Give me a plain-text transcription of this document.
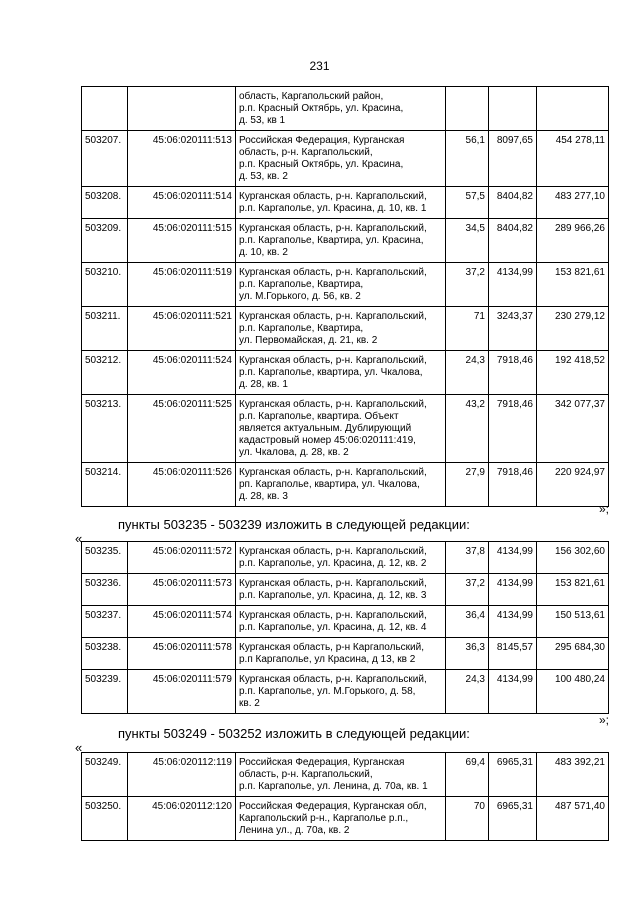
231

		область, Каргапольский район,
р.п. Красный Октябрь, ул. Красина,
д. 53, кв 1			

503207.	45:06:020111:513	Российская Федерация, Курганская
область, р-н. Каргапольский,
р.п. Красный Октябрь, ул. Красина,
д. 53, кв. 2	56,1	8097,65	454 278,11
503208.	45:06:020111:514	Курганская область, р-н. Каргапольский,
р.п. Каргаполье, ул. Красина, д. 10, кв. 1	57,5	8404,82	483 277,10
503209.	45:06:020111:515	Курганская область, р-н. Каргапольский,
р.п. Каргаполье, Квартира, ул. Красина,
д. 10, кв. 2	34,5	8404,82	289 966,26
503210.	45:06:020111:519	Курганская область, р-н. Каргапольский,
р.п. Каргаполье, Квартира,
ул. М.Горького, д. 56, кв. 2	37,2	4134,99	153 821,61
503211.	45:06:020111:521	Курганская область, р-н. Каргапольский,
р.п. Каргаполье, Квартира,
ул. Первомайская, д. 21, кв. 2	71	3243,37	230 279,12
503212.	45:06:020111:524	Курганская область, р-н. Каргапольский,
р.п. Каргаполье, квартира, ул. Чкалова,
д. 28, кв. 1	24,3	7918,46	192 418,52
503213.	45:06:020111:525	Курганская область, р-н. Каргапольский,
р.п. Каргаполье, квартира. Объект
является актуальным. Дублирующий
кадастровый номер 45:06:020111:419,
ул. Чкалова, д. 28, кв. 2	43,2	7918,46	342 077,37
503214.	45:06:020111:526	Курганская область, р-н. Каргапольский,
рп. Каргаполье, квартира, ул. Чкалова,
д. 28, кв. 3	27,9	7918,46	220 924,97
»;
пункты 503235 - 503239 изложить в следующей редакции:
«
503235.	45:06:020111:572	Курганская область, р-н. Каргапольский,
р.п. Каргаполье, ул. Красина, д. 12, кв. 2	37,8	4134,99	156 302,60
503236.	45:06:020111:573	Курганская область, р-н. Каргапольский,
р.п. Каргаполье, ул. Красина, д. 12, кв. 3	37,2	4134,99	153 821,61
503237.	45:06:020111:574	Курганская область, р-н. Каргапольский,
р.п. Каргаполье, ул. Красина, д. 12, кв. 4	36,4	4134,99	150 513,61
503238.	45:06:020111:578	Курганская область, р-н Каргапольский,
р.п Каргаполье, ул Красина, д 13, кв 2	36,3	8145,57	295 684,30
503239.	45:06:020111:579	Курганская область, р-н. Каргапольский,
р.п. Каргаполье, ул. М.Горького, д. 58,
кв. 2	24,3	4134,99	100 480,24
»;
пункты 503249 - 503252 изложить в следующей редакции:
«
503249.	45:06:020112:119	Российская Федерация, Курганская
область, р-н. Каргапольский,
р.п. Каргаполье, ул. Ленина, д. 70а, кв. 1	69,4	6965,31	483 392,21
503250.	45:06:020112:120	Российская Федерация, Курганская обл,
Каргапольский р-н., Каргаполье р.п.,
Ленина ул., д. 70а, кв. 2	70	6965,31	487 571,40
